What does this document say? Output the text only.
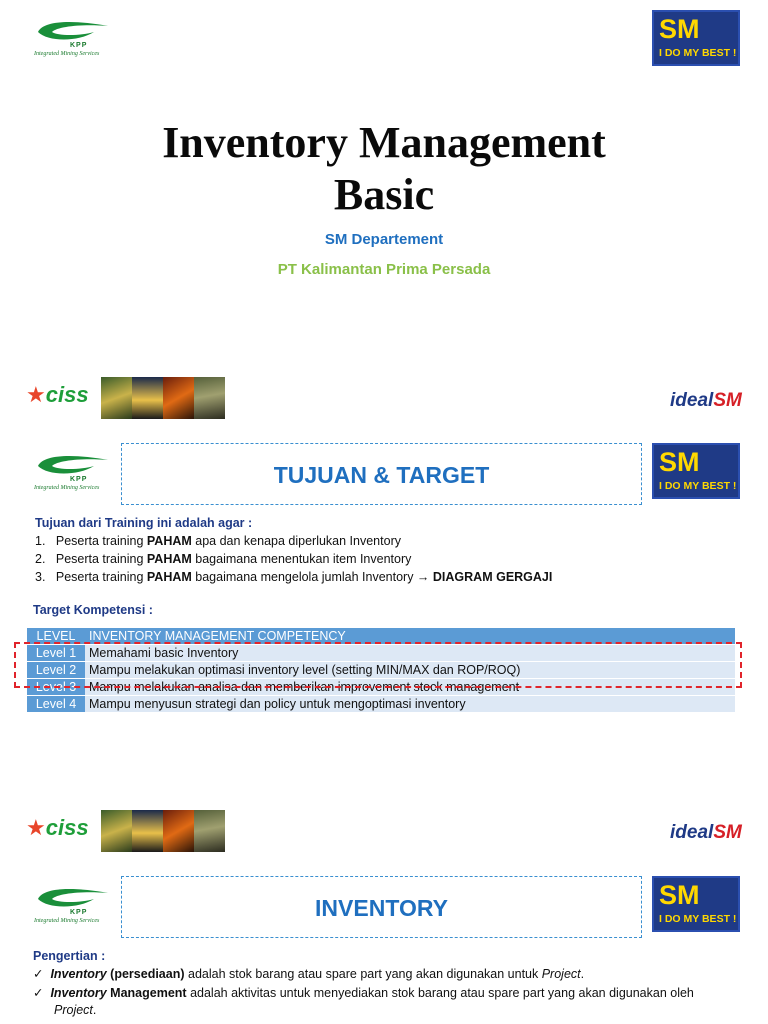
KPP
Integrated Mining Services
SM
I DO MY BEST !
Inventory Management
Basic
SM Departement
PT Kalimantan Prima Persada
★ciss	idealSM
KPP
Integrated Mining Services	TUJUAN & TARGET	SM
I DO MY BEST !
Tujuan dari Training ini adalah agar :
1. Peserta training PAHAM apa dan kenapa diperlukan Inventory
2. Peserta training PAHAM bagaimana menentukan item Inventory
3. Peserta training PAHAM bagaimana mengelola jumlah Inventory → DIAGRAM GERGAJI
Target Kompetensi :
LEVEL	INVENTORY MANAGEMENT COMPETENCY
Level 1	Memahami basic Inventory
Level 2	Mampu melakukan optimasi inventory level (setting MIN/MAX dan ROP/ROQ)
Level 3	Mampu melakukan analisa dan memberikan improvement stock management
Level 4	Mampu menyusun strategi dan policy untuk mengoptimasi inventory
★ciss	idealSM
KPP
Integrated Mining Services	INVENTORY	SM
I DO MY BEST !
Pengertian :
✓ Inventory (persediaan) adalah stok barang atau spare part yang akan digunakan untuk Project.
✓ Inventory Management adalah aktivitas untuk menyediakan stok barang atau spare part yang akan digunakan oleh
Project.
